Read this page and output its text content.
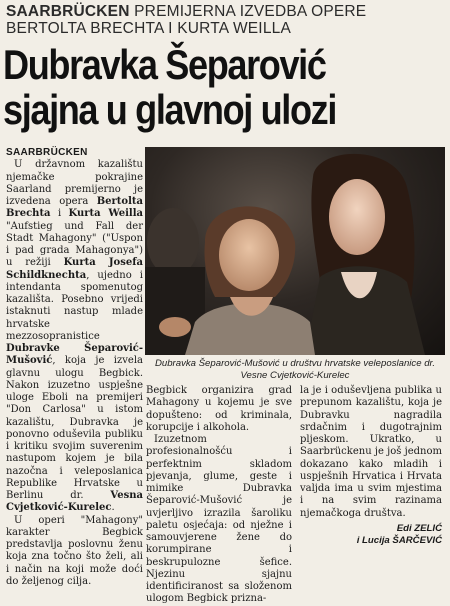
SAARBRÜCKEN PREMIJERNA IZVEDBA OPERE
BERTOLTA BRECHTA I KURTA WEILLA
Dubravka Šeparović
sjajna u glavnoj ulozi
SAARBRÜCKEN

U državnom kazalištu njemačke pokrajine Saarland premijerno je izvedena opera Bertolta Brechta i Kurta Weilla "Aufstieg und Fall der Stadt Mahagony" ("Uspon i pad grada Mahagonya") u režiji Kurta Josefa Schildknechta, ujedno i intendanta spomenutog kazališta. Posebno vrijedi istaknuti nastup mlade hrvatske mezzosopranistice Dubravke Šeparović-Mušović, koja je izvela glavnu ulogu Begbick. Nakon izuzetno uspješne uloge Eboli na premijeri "Don Carlosa" u istom kazalištu, Dubravka je ponovno oduševila publiku i kritiku svojim suverenim nastupom kojem je bila nazočna i veleposlanica Republike Hrvatske u Berlinu dr. Vesna Cvjetković-Kurelec.

U operi "Mahagony" karakter Begbick predstavlja poslovnu ženu koja zna točno što želi, ali i način na koji može doći do željenog cilja.

Dubravka Šeparović-Mušović u društvu hrvatske veleposlanice dr. Vesne Cvjetković-Kurelec

Begbick organizira grad Mahagony u kojemu je sve dopušteno: od kriminala, korupcije i alkohola.

Izuzetnom profesionalnošću i perfektnim skladom pjevanja, glume, geste i mimike Dubravka Šeparović-Mušović je uvjerljivo izrazila šaroliku paletu osjećaja: od nježne i samouvjerene žene do korumpirane i beskrupulozne šefice. Njezinu sjajnu identificiranost sa složenom ulogom Begbick prizna-

la je i oduševljena publika u prepunom kazalištu, koja je Dubravku nagradila srdačnim i dugotrajnim pljeskom. Ukratko, u Saarbrückenu je još jednom dokazano kako mladih i uspješnih Hrvatica i Hrvata valjda ima u svim mjestima i na svim razinama njemačkoga društva.

Edi ZELIĆ
i Lucija ŠARČEVIĆ
